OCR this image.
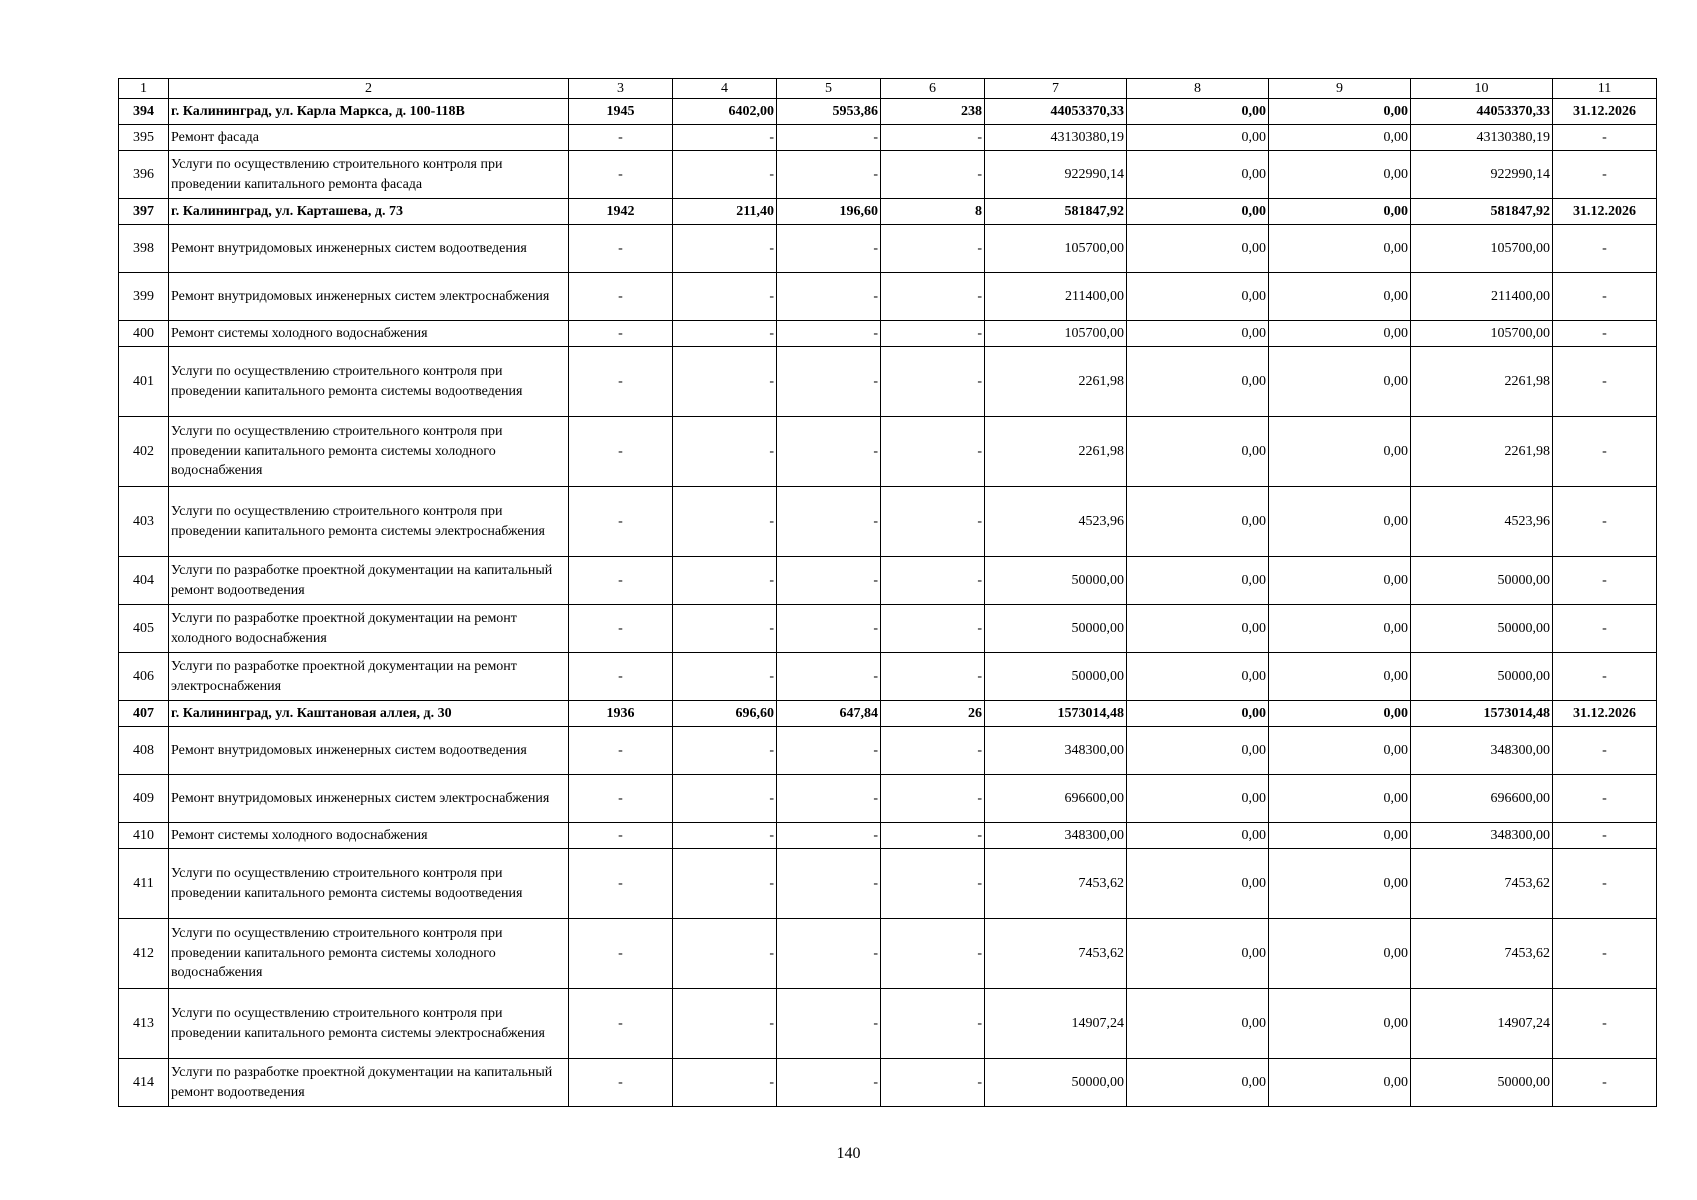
1	2	3	4	5	6	7	8	9	10	11
394	г. Калининград, ул. Карла Маркса, д. 100-118В	1945	6402,00	5953,86	238	44053370,33	0,00	0,00	44053370,33	31.12.2026
395	Ремонт фасада	-	-	-	-	43130380,19	0,00	0,00	43130380,19	-
396	Услуги по осуществлению строительного контроля при проведении капитального ремонта фасада	-	-	-	-	922990,14	0,00	0,00	922990,14	-
397	г. Калининград, ул. Карташева, д. 73	1942	211,40	196,60	8	581847,92	0,00	0,00	581847,92	31.12.2026
398	Ремонт внутридомовых инженерных систем водоотведения	-	-	-	-	105700,00	0,00	0,00	105700,00	-
399	Ремонт внутридомовых инженерных систем электроснабжения	-	-	-	-	211400,00	0,00	0,00	211400,00	-
400	Ремонт системы холодного водоснабжения	-	-	-	-	105700,00	0,00	0,00	105700,00	-
401	Услуги по осуществлению строительного контроля при проведении капитального ремонта системы водоотведения	-	-	-	-	2261,98	0,00	0,00	2261,98	-
402	Услуги по осуществлению строительного контроля при проведении капитального ремонта системы холодного водоснабжения	-	-	-	-	2261,98	0,00	0,00	2261,98	-
403	Услуги по осуществлению строительного контроля при проведении капитального ремонта системы электроснабжения	-	-	-	-	4523,96	0,00	0,00	4523,96	-
404	Услуги по разработке проектной документации на капитальный ремонт водоотведения	-	-	-	-	50000,00	0,00	0,00	50000,00	-
405	Услуги по разработке проектной документации на ремонт холодного водоснабжения	-	-	-	-	50000,00	0,00	0,00	50000,00	-
406	Услуги по разработке проектной документации на ремонт электроснабжения	-	-	-	-	50000,00	0,00	0,00	50000,00	-
407	г. Калининград, ул. Каштановая аллея, д. 30	1936	696,60	647,84	26	1573014,48	0,00	0,00	1573014,48	31.12.2026
408	Ремонт внутридомовых инженерных систем водоотведения	-	-	-	-	348300,00	0,00	0,00	348300,00	-
409	Ремонт внутридомовых инженерных систем электроснабжения	-	-	-	-	696600,00	0,00	0,00	696600,00	-
410	Ремонт системы холодного водоснабжения	-	-	-	-	348300,00	0,00	0,00	348300,00	-
411	Услуги по осуществлению строительного контроля при проведении капитального ремонта системы водоотведения	-	-	-	-	7453,62	0,00	0,00	7453,62	-
412	Услуги по осуществлению строительного контроля при проведении капитального ремонта системы холодного водоснабжения	-	-	-	-	7453,62	0,00	0,00	7453,62	-
413	Услуги по осуществлению строительного контроля при проведении капитального ремонта системы электроснабжения	-	-	-	-	14907,24	0,00	0,00	14907,24	-
414	Услуги по разработке проектной документации на капитальный ремонт водоотведения	-	-	-	-	50000,00	0,00	0,00	50000,00	-
140
